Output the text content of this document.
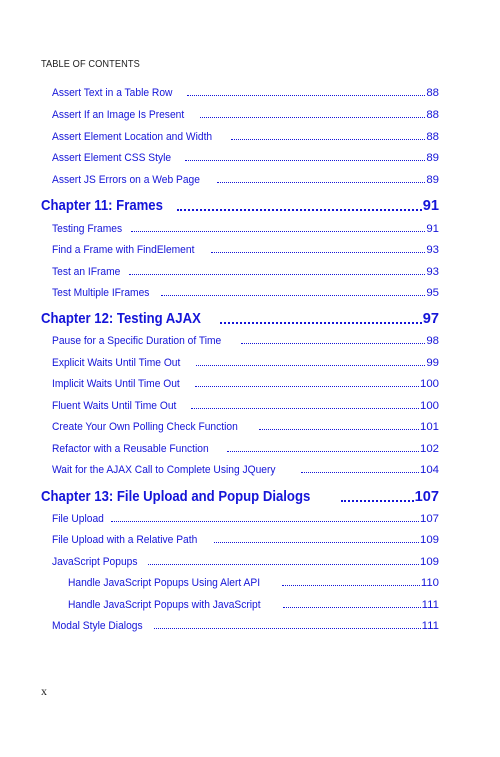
TABLE OF CONTENTS
Assert Text in a Table Row	88
Assert If an Image Is Present	88
Assert Element Location and Width	88
Assert Element CSS Style	89
Assert JS Errors on a Web Page	89
Chapter 11: Frames	91
Testing Frames	91
Find a Frame with FindElement	93
Test an IFrame	93
Test Multiple IFrames	95
Chapter 12: Testing AJAX	97
Pause for a Specific Duration of Time	98
Explicit Waits Until Time Out	99
Implicit Waits Until Time Out	100
Fluent Waits Until Time Out	100
Create Your Own Polling Check Function	101
Refactor with a Reusable Function	102
Wait for the AJAX Call to Complete Using JQuery	104
Chapter 13: File Upload and Popup Dialogs	107
File Upload	107
File Upload with a Relative Path	109
JavaScript Popups	109
Handle JavaScript Popups Using Alert API	110
Handle JavaScript Popups with JavaScript	111
Modal Style Dialogs	111
x
